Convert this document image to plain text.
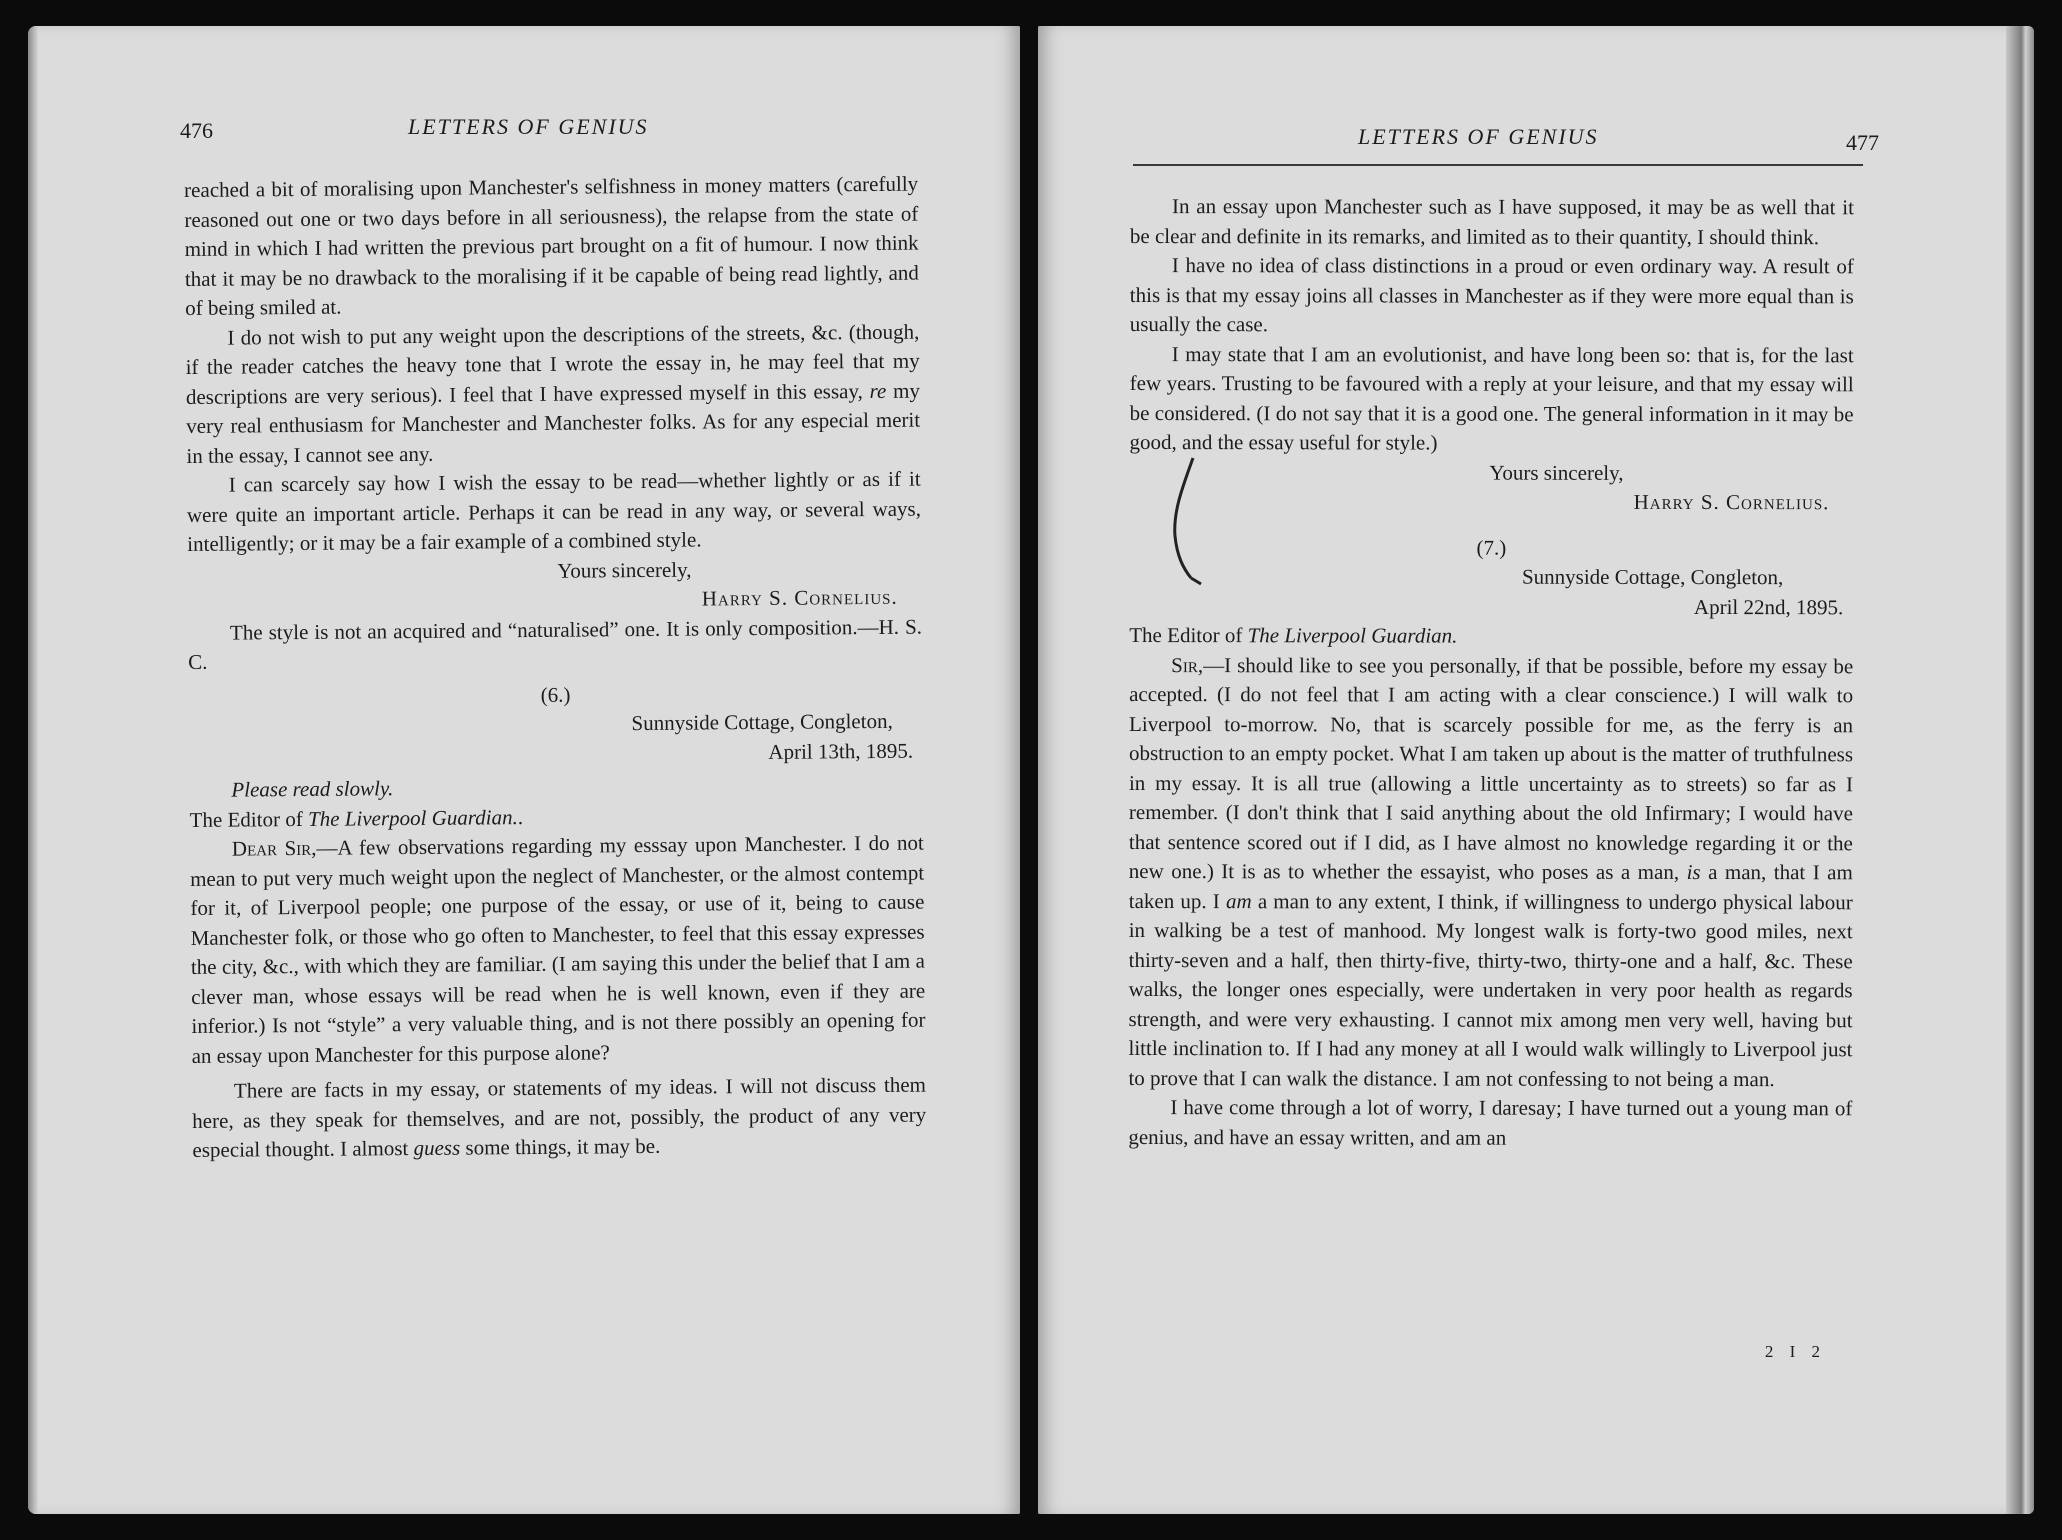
476	LETTERS OF GENIUS

reached a bit of moralising upon Manchester's selfishness in money matters (carefully reasoned out one or two days before in all seriousness), the relapse from the state of mind in which I had written the previous part brought on a fit of humour. I now think that it may be no drawback to the moralising if it be capable of being read lightly, and of being smiled at.

I do not wish to put any weight upon the descriptions of the streets, &c. (though, if the reader catches the heavy tone that I wrote the essay in, he may feel that my descriptions are very serious). I feel that I have expressed myself in this essay, re my very real enthusiasm for Manchester and Manchester folks. As for any especial merit in the essay, I cannot see any.

I can scarcely say how I wish the essay to be read—whether lightly or as if it were quite an important article. Perhaps it can be read in any way, or several ways, intelligently; or it may be a fair example of a combined style.

Yours sincerely,
Harry S. Cornelius.

The style is not an acquired and “naturalised” one. It is only composition.—H. S. C.

(6.)

Sunnyside Cottage, Congleton,

April 13th, 1895.

Please read slowly.

The Editor of The Liverpool Guardian..

Dear Sir,—A few observations regarding my esssay upon Manchester. I do not mean to put very much weight upon the neglect of Manchester, or the almost contempt for it, of Liverpool people; one purpose of the essay, or use of it, being to cause Manchester folk, or those who go often to Manchester, to feel that this essay expresses the city, &c., with which they are familiar. (I am saying this under the belief that I am a clever man, whose essays will be read when he is well known, even if they are inferior.) Is not “style” a very valuable thing, and is not there possibly an opening for an essay upon Manchester for this purpose alone?

There are facts in my essay, or statements of my ideas. I will not discuss them here, as they speak for themselves, and are not, possibly, the product of any very especial thought. I almost guess some things, it may be.

LETTERS OF GENIUS	477

In an essay upon Manchester such as I have supposed, it may be as well that it be clear and definite in its remarks, and limited as to their quantity, I should think.

I have no idea of class distinctions in a proud or even ordinary way. A result of this is that my essay joins all classes in Manchester as if they were more equal than is usually the case.

I may state that I am an evolutionist, and have long been so: that is, for the last few years. Trusting to be favoured with a reply at your leisure, and that my essay will be considered. (I do not say that it is a good one. The general information in it may be good, and the essay useful for style.)

Yours sincerely,
Harry S. Cornelius.

(7.)

Sunnyside Cottage, Congleton,

April 22nd, 1895.

The Editor of The Liverpool Guardian.

Sir,—I should like to see you personally, if that be possible, before my essay be accepted. (I do not feel that I am acting with a clear conscience.) I will walk to Liverpool to-morrow. No, that is scarcely possible for me, as the ferry is an obstruction to an empty pocket. What I am taken up about is the matter of truthfulness in my essay. It is all true (allowing a little uncertainty as to streets) so far as I remember. (I don't think that I said anything about the old Infirmary; I would have that sentence scored out if I did, as I have almost no knowledge regarding it or the new one.) It is as to whether the essayist, who poses as a man, is a man, that I am taken up. I am a man to any extent, I think, if willingness to undergo physical labour in walking be a test of manhood. My longest walk is forty-two good miles, next thirty-seven and a half, then thirty-five, thirty-two, thirty-one and a half, &c. These walks, the longer ones especially, were undertaken in very poor health as regards strength, and were very exhausting. I cannot mix among men very well, having but little inclination to. If I had any money at all I would walk willingly to Liverpool just to prove that I can walk the distance. I am not confessing to not being a man.

I have come through a lot of worry, I daresay; I have turned out a young man of genius, and have an essay written, and am an

2 I 2
